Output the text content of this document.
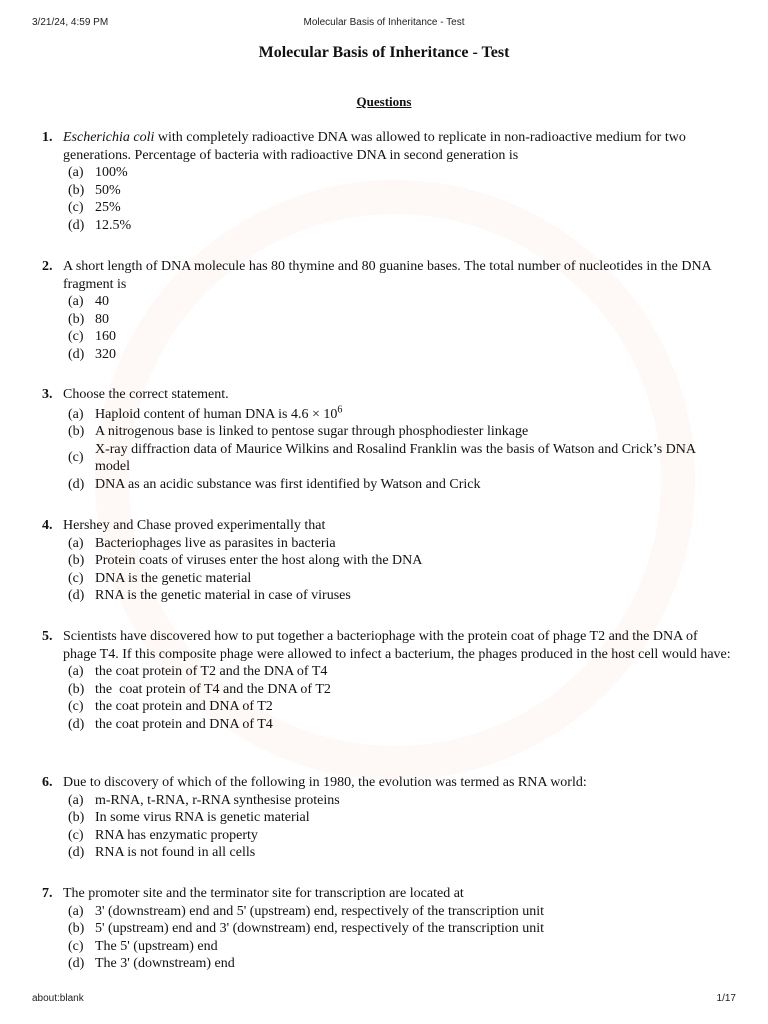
3/21/24, 4:59 PM	Molecular Basis of Inheritance - Test
Molecular Basis of Inheritance - Test
Questions
1. Escherichia coli with completely radioactive DNA was allowed to replicate in non-radioactive medium for two generations. Percentage of bacteria with radioactive DNA in second generation is
(a) 100%
(b) 50%
(c) 25%
(d) 12.5%
2. A short length of DNA molecule has 80 thymine and 80 guanine bases. The total number of nucleotides in the DNA fragment is
(a) 40
(b) 80
(c) 160
(d) 320
3. Choose the correct statement.
(a) Haploid content of human DNA is $4.6 \times 10^6$
(b) A nitrogenous base is linked to pentose sugar through phosphodiester linkage
(c)
X-ray diffraction data of Maurice Wilkins and Rosalind Franklin was the basis of Watson and Crick’s DNA model
(d) DNA as an acidic substance was first identified by Watson and Crick
4. Hershey and Chase proved experimentally that
(a) Bacteriophages live as parasites in bacteria
(b) Protein coats of viruses enter the host along with the DNA
(c) DNA is the genetic material
(d) RNA is the genetic material in case of viruses
5. Scientists have discovered how to put together a bacteriophage with the protein coat of phage T2 and the DNA of phage T4. If this composite phage were allowed to infect a bacterium, the phages produced in the host cell would have:
(a) the coat protein of T2 and the DNA of T4
(b) the  coat protein of T4 and the DNA of T2
(c) the coat protein and DNA of T2
(d) the coat protein and DNA of T4
6. Due to discovery of which of the following in 1980, the evolution was termed as RNA world:
(a) m-RNA, t-RNA, r-RNA synthesise proteins
(b) In some virus RNA is genetic material
(c) RNA has enzymatic property
(d) RNA is not found in all cells
7. The promoter site and the terminator site for transcription are located at
(a) 3' (downstream) end and 5' (upstream) end, respectively of the transcription unit
(b) 5' (upstream) end and 3' (downstream) end, respectively of the transcription unit
(c) The 5' (upstream) end
(d) The 3' (downstream) end
about:blank	1/17
